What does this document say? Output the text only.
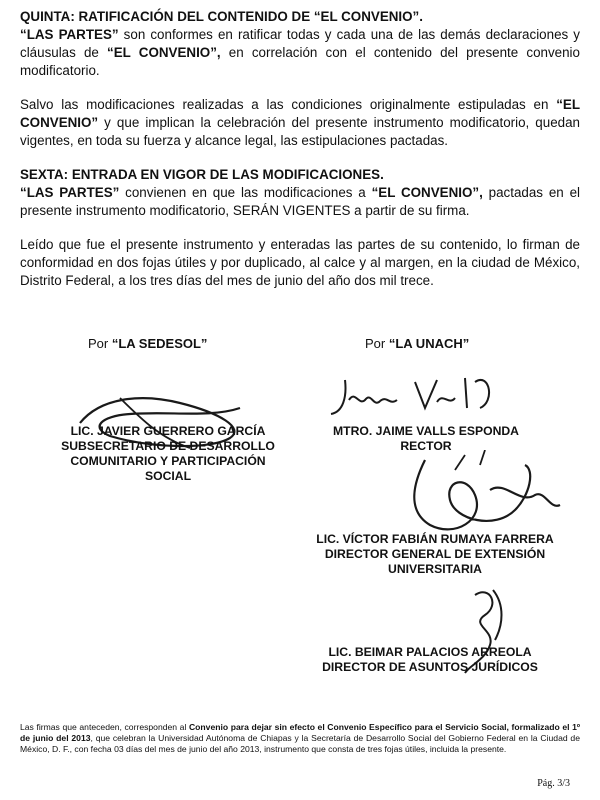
QUINTA: RATIFICACIÓN DEL CONTENIDO DE “EL CONVENIO”.

“LAS PARTES” son conformes en ratificar todas y cada una de las demás declaraciones y cláusulas de “EL CONVENIO”, en correlación con el contenido del presente convenio modificatorio.

Salvo las modificaciones realizadas a las condiciones originalmente estipuladas en “EL CONVENIO” y que implican la celebración del presente instrumento modificatorio, quedan vigentes, en toda su fuerza y alcance legal, las estipulaciones pactadas.

SEXTA: ENTRADA EN VIGOR DE LAS MODIFICACIONES.

“LAS PARTES” convienen en que las modificaciones a “EL CONVENIO”, pactadas en el presente instrumento modificatorio, SERÁN VIGENTES a partir de su firma.

Leído que fue el presente instrumento y enteradas las partes de su contenido, lo firman de conformidad en dos fojas útiles y por duplicado, al calce y al margen, en la ciudad de México, Distrito Federal, a los tres días del mes de junio del año dos mil trece.

Por “LA SEDESOL”	Por “LA UNACH”
LIC. JAVIER GUERRERO GARCÍA
SUBSECRETARIO DE DESARROLLO
COMUNITARIO Y PARTICIPACIÓN
SOCIAL
MTRO. JAIME VALLS ESPONDA
RECTOR
LIC. VÍCTOR FABIÁN RUMAYA FARRERA
DIRECTOR GENERAL DE EXTENSIÓN
UNIVERSITARIA
LIC. BEIMAR PALACIOS ARREOLA
DIRECTOR DE ASUNTOS JURÍDICOS
Las firmas que anteceden, corresponden al Convenio para dejar sin efecto el Convenio Específico para el Servicio Social, formalizado el 1º de junio del 2013, que celebran la Universidad Autónoma de Chiapas y la Secretaría de Desarrollo Social del Gobierno Federal en la Ciudad de México, D. F., con fecha 03 días del mes de junio del año 2013, instrumento que consta de tres fojas útiles, incluida la presente.
Pág. 3/3
